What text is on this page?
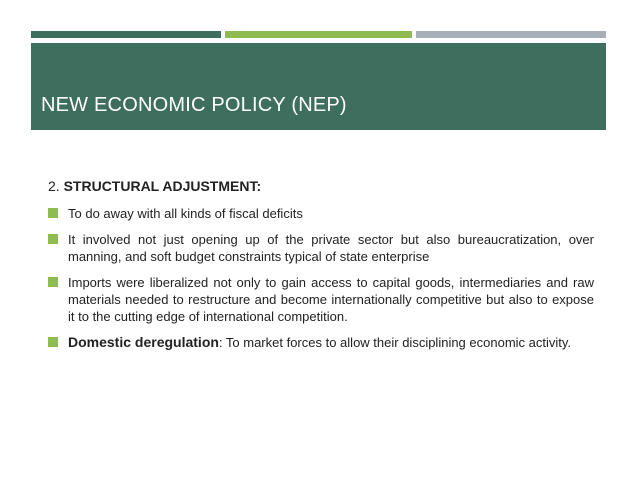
NEW ECONOMIC POLICY (NEP)
2. STRUCTURAL ADJUSTMENT:
To do away with all kinds of fiscal deficits
It involved not just opening up of the private sector but also bureaucratization, over manning, and soft budget constraints typical of state enterprise
Imports were liberalized not only to gain access to capital goods, intermediaries and raw materials needed to restructure and become internationally competitive but also to expose it to the cutting edge of international competition.
Domestic deregulation: To market forces to allow their disciplining economic activity.
